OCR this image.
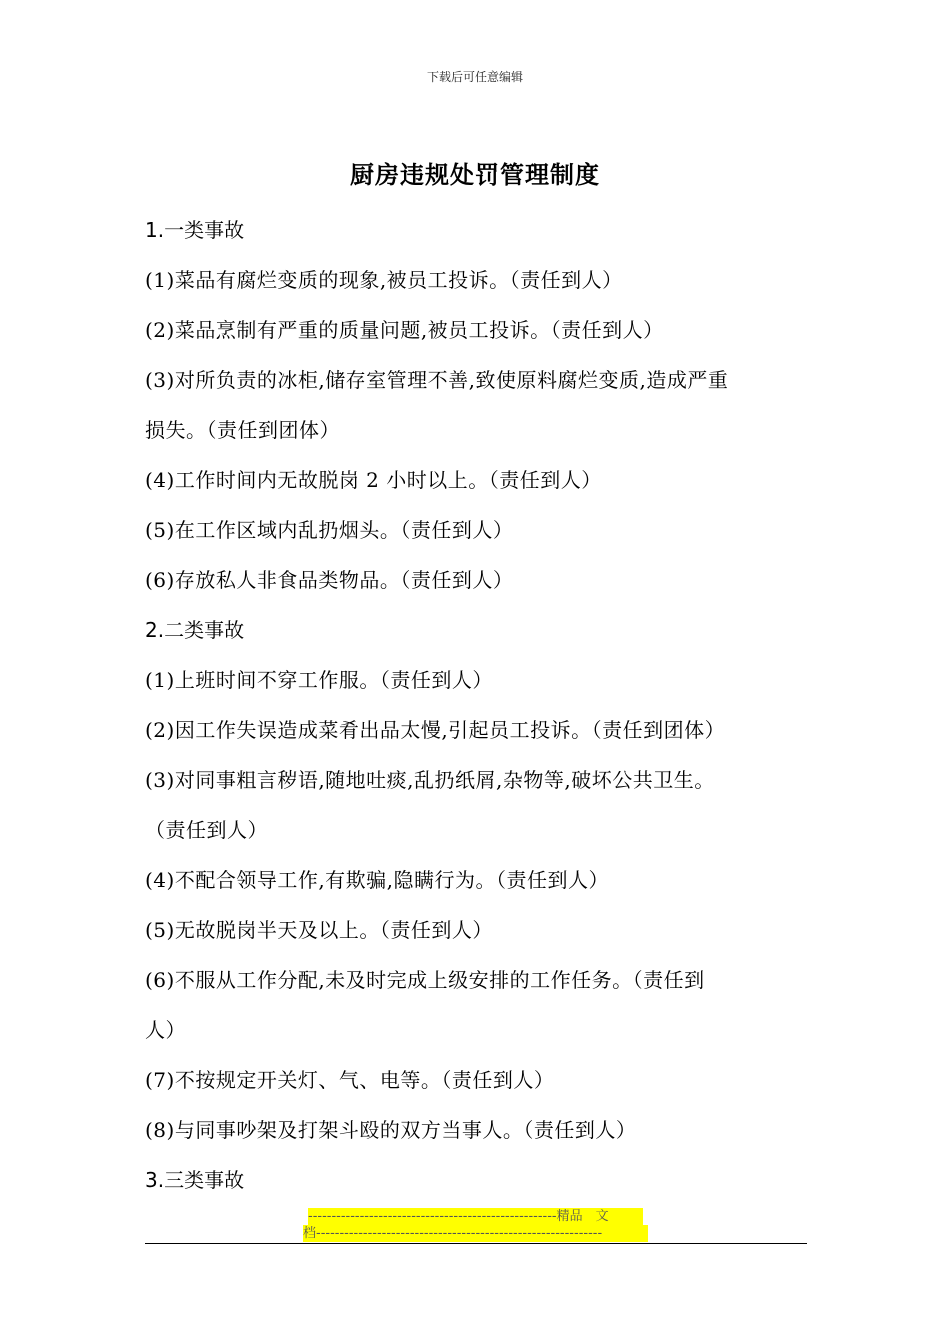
下载后可任意编辑
厨房违规处罚管理制度
1.一类事故
(1)菜品有腐烂变质的现象,被员工投诉。（责任到人）
(2)菜品烹制有严重的质量问题,被员工投诉。（责任到人）
(3)对所负责的冰柜,储存室管理不善,致使原料腐烂变质,造成严重
损失。（责任到团体）
(4)工作时间内无故脱岗 2 小时以上。（责任到人）
(5)在工作区域内乱扔烟头。（责任到人）
(6)存放私人非食品类物品。（责任到人）
2.二类事故
(1)上班时间不穿工作服。（责任到人）
(2)因工作失误造成菜肴出品太慢,引起员工投诉。（责任到团体）
(3)对同事粗言秽语,随地吐痰,乱扔纸屑,杂物等,破坏公共卫生。
（责任到人）
(4)不配合领导工作,有欺骗,隐瞒行为。（责任到人）
(5)无故脱岗半天及以上。（责任到人）
(6)不服从工作分配,未及时完成上级安排的工作任务。（责任到
人）
(7)不按规定开关灯、气、电等。（责任到人）
(8)与同事吵架及打架斗殴的双方当事人。（责任到人）
3.三类事故
-----------------------------------------------------精品　文
档-------------------------------------------------------------
